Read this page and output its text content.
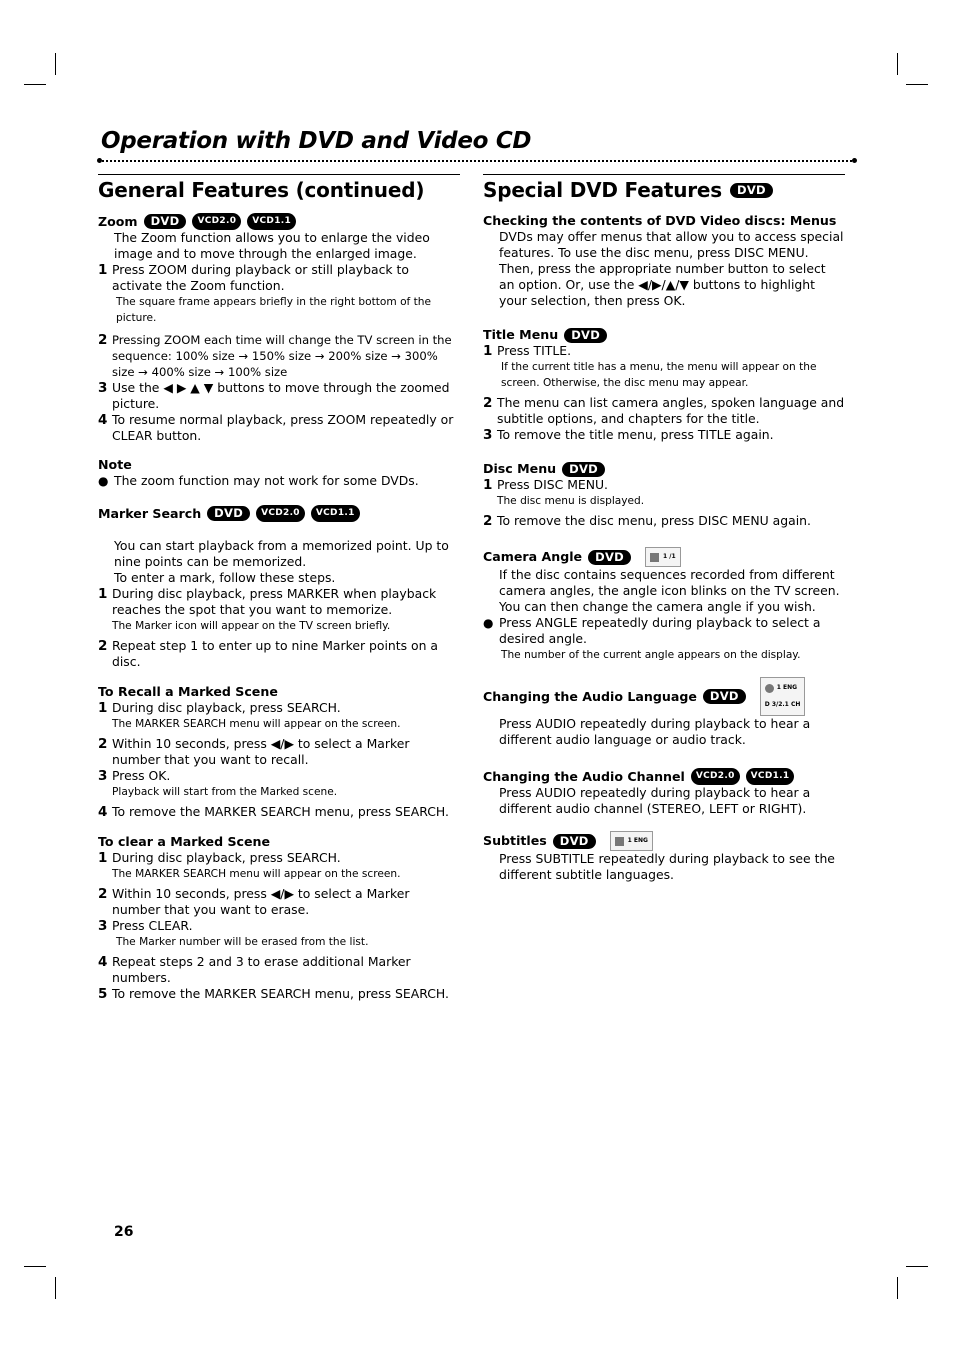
Operation with DVD and Video CD
General Features (continued)
Zoom	DVD	VCD2.0	VCD1.1
The Zoom function allows you to enlarge the video image and to move through the enlarged image.
1 Press ZOOM during playback or still playback to activate the Zoom function.
The square frame appears briefly in the right bottom of the picture.
2 Pressing ZOOM each time will change the TV screen in the sequence: 100% size → 150% size → 200% size → 300% size → 400% size → 100% size
3 Use the ◀ ▶ ▲ ▼ buttons to move through the zoomed picture.
4 To resume normal playback, press ZOOM repeatedly or CLEAR button.
Note
● The zoom function may not work for some DVDs.
Marker Search	DVD	VCD2.0	VCD1.1
You can start playback from a memorized point. Up to nine points can be memorized.
To enter a mark, follow these steps.
1 During disc playback, press MARKER when playback reaches the spot that you want to memorize.
The Marker icon will appear on the TV screen briefly.
2 Repeat step 1 to enter up to nine Marker points on a disc.
To Recall a Marked Scene
1 During disc playback, press SEARCH.
The MARKER SEARCH menu will appear on the screen.
2 Within 10 seconds, press ◀/▶ to select a Marker number that you want to recall.
3 Press OK.
Playback will start from the Marked scene.
4 To remove the MARKER SEARCH menu, press SEARCH.
To clear a Marked Scene
1 During disc playback, press SEARCH.
The MARKER SEARCH menu will appear on the screen.
2 Within 10 seconds, press ◀/▶ to select a Marker number that you want to erase.
3 Press CLEAR.
The Marker number will be erased from the list.
4 Repeat steps 2 and 3 to erase additional Marker numbers.
5 To remove the MARKER SEARCH menu, press SEARCH.
Special DVD Features	DVD
Checking the contents of DVD Video discs: Menus
DVDs may offer menus that allow you to access special features. To use the disc menu, press DISC MENU. Then, press the appropriate number button to select an option. Or, use the ◀/▶/▲/▼ buttons to highlight your selection, then press OK.
Title Menu	DVD
1 Press TITLE.
If the current title has a menu, the menu will appear on the screen. Otherwise, the disc menu may appear.
2 The menu can list camera angles, spoken language and subtitle options, and chapters for the title.
3 To remove the title menu, press TITLE again.
Disc Menu	DVD
1 Press DISC MENU.
The disc menu is displayed.
2 To remove the disc menu, press DISC MENU again.
Camera Angle	DVD	1 /1
If the disc contains sequences recorded from different camera angles, the angle icon blinks on the TV screen. You can then change the camera angle if you wish.
● Press ANGLE repeatedly during playback to select a desired angle.
The number of the current angle appears on the display.
Changing the Audio Language	DVD
1 ENG
D 3/2.1 CH
Press AUDIO repeatedly during playback to hear a different audio language or audio track.
Changing the Audio Channel	VCD2.0	VCD1.1
Press AUDIO repeatedly during playback to hear a different audio channel (STEREO, LEFT or RIGHT).
Subtitles	DVD	1 ENG
Press SUBTITLE repeatedly during playback to see the different subtitle languages.
26
